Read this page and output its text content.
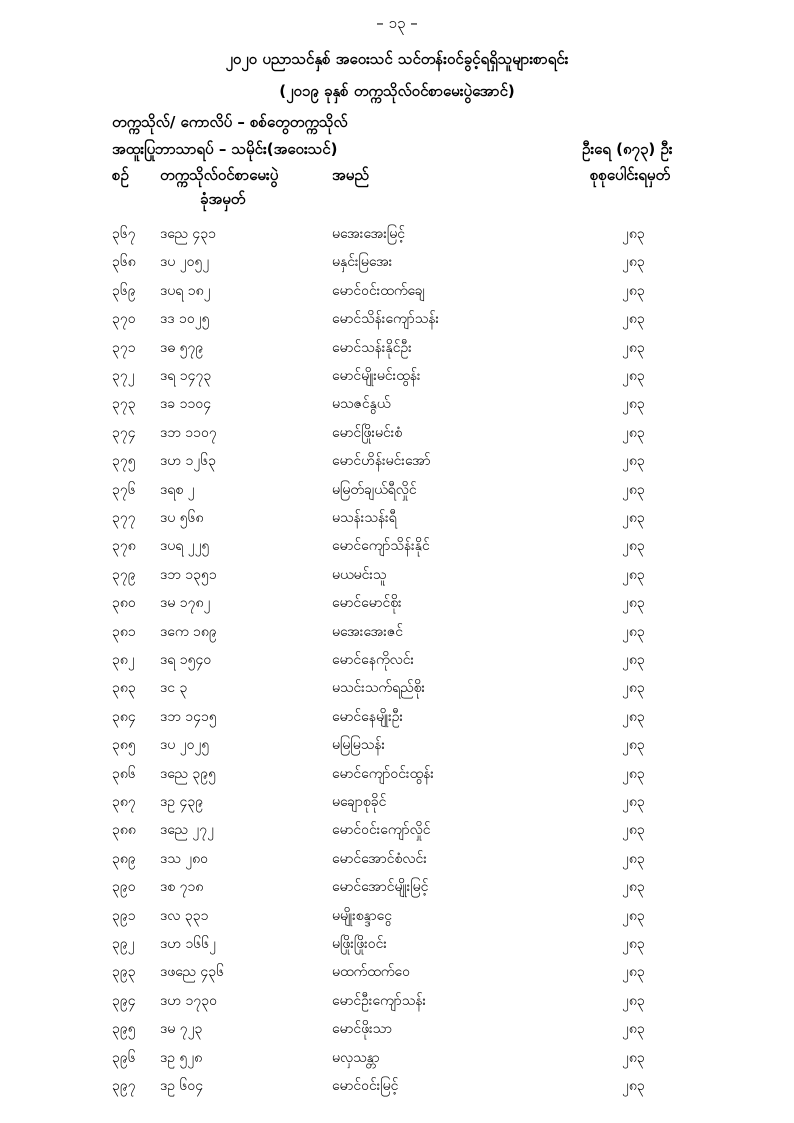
– ၁၃ –
၂၀၂၀ ပညာသင်နှစ် အဝေးသင် သင်တန်းဝင်ခွင့်ရရှိသူများစာရင်း
(၂၀၁၉ ခုနှစ် တက္ကသိုလ်ဝင်စာမေးပွဲအောင်)
တက္ကသိုလ်/ ကောလိပ် – စစ်တွေတက္ကသိုလ်
အထူးပြုဘာသာရပ် – သမိုင်း(အဝေးသင်)	ဦးရေ (၈၇၃) ဦး
စဉ် တက္ကသိုလ်ဝင်စာမေးပွဲ
ခုံအမှတ်
အမည်	စုစုပေါင်းရမှတ်
၃၆၇ ဒညေ ၄၃၁	မအေးအေးမြင့်	၂၈၃
၃၆၈ ဒပ ၂၀၅၂	မနှင်းမြအေး	၂၈၃
၃၆၉ ဒပရ ၁၈၂	မောင်ဝင်းထက်ချေ	၂၈၃
၃၇၀ ဒဒ ၁၀၂၅	မောင်သိန်းကျော်သန်း	၂၈၃
၃၇၁ ဒဓ ၅၇၉	မောင်သန်းနိုင်ဦး	၂၈၃
၃၇၂ ဒရ ၁၄၇၃	မောင်မျိုးမင်းထွန်း	၂၈၃
၃၇၃ ဒခ ၁၁၀၄	မသဇင်နွယ်	၂၈၃
၃၇၄ ဒဘ ၁၁၀၇	မောင်ဖြိုးမင်းစံ	၂၈၃
၃၇၅ ဒဟ ၁၂၆၃	မောင်ဟိန်းမင်းအော်	၂၈၃
၃၇၆ ဒရစ ၂	မမြတ်ချယ်ရီလှိုင်	၂၈၃
၃၇၇ ဒပ ၅၆၈	မသန်းသန်းရီ	၂၈၃
၃၇၈ ဒပရ ၂၂၅	မောင်ကျော်သိန်းနိုင်	၂၈၃
၃၇၉ ဒဘ ၁၃၅၁	မယမင်းသူ	၂၈၃
၃၈၀ ဒမ ၁၇၈၂	မောင်မောင်စိုး	၂၈၃
၃၈၁ ဒကေ ၁၈၉	မအေးအေးဇင်	၂၈၃
၃၈၂ ဒရ ၁၅၄၀	မောင်နေကိုလင်း	၂၈၃
၃၈၃ ဒင ၃	မသင်းသက်ရည်စိုး	၂၈၃
၃၈၄ ဒဘ ၁၄၁၅	မောင်နေမျိုးဦး	၂၈၃
၃၈၅ ဒပ ၂၀၂၅	မမြမြသန်း	၂၈၃
၃၈၆ ဒညေ ၃၉၅	မောင်ကျော်ဝင်းထွန်း	၂၈၃
၃၈၇ ဒဥ ၄၃၉	မချောစုခိုင်	၂၈၃
၃၈၈ ဒညေ ၂၇၂	မောင်ဝင်းကျော်လှိုင်	၂၈၃
၃၈၉ ဒသ ၂၈၀	မောင်အောင်စံလင်း	၂၈၃
၃၉၀ ဒစ ၇၁၈	မောင်အောင်မျိုးမြင့်	၂၈၃
၃၉၁ ဒလ ၃၃၁	မမျိုးစန္ဒာငွေ	၂၈၃
၃၉၂ ဒဟ ၁၆၆၂	မဖြိုးဖြိုးဝင်း	၂၈၃
၃၉၃ ဒဖညေ ၄၃၆	မထက်ထက်ဝေ	၂၈၃
၃၉၄ ဒဟ ၁၇၃၀	မောင်ဦးကျော်သန်း	၂၈၃
၃၉၅ ဒမ ၇၂၃	မောင်ဖိုးသာ	၂၈၃
၃၉၆ ဒဥ ၅၂၈	မလှသန္တာ	၂၈၃
၃၉၇ ဒဥ ၆၀၄	မောင်ဝင်းမြင့်	၂၈၃
